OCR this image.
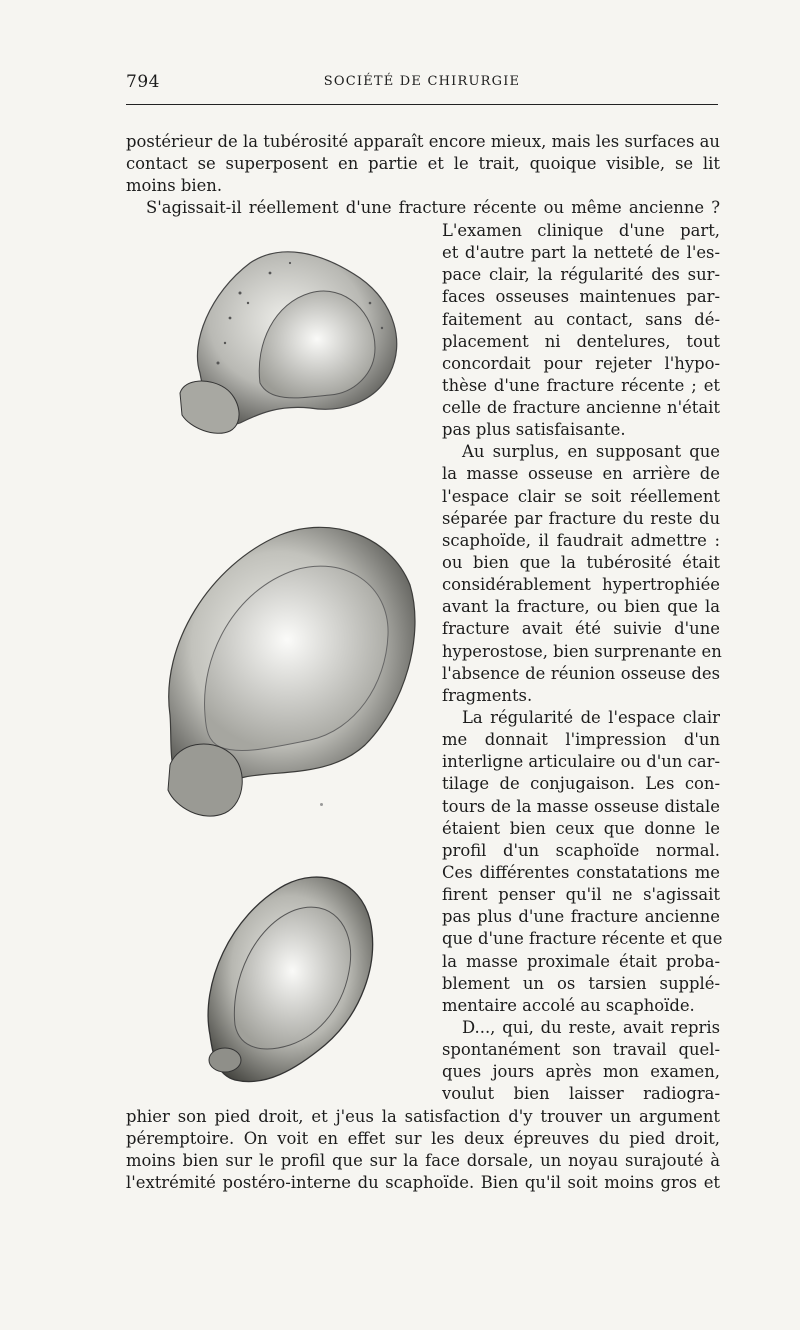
794	SOCIÉTÉ DE CHIRURGIE

postérieur de la tubérosité apparaît encore mieux, mais les surfaces au

contact se superposent en partie et le trait, quoique visible, se lit

moins bien.

S'agissait-il réellement d'une fracture récente ou même ancienne ?

L'examen clinique d'une part,

et d'autre part la netteté de l'es-

pace clair, la régularité des sur-

faces osseuses maintenues par-

faitement au contact, sans dé-

placement ni dentelures, tout

concordait pour rejeter l'hypo-

thèse d'une fracture récente ; et

celle de fracture ancienne n'était

pas plus satisfaisante.

Au surplus, en supposant que

la masse osseuse en arrière de

l'espace clair se soit réellement

séparée par fracture du reste du

scaphoïde, il faudrait admettre :

ou bien que la tubérosité était

considérablement hypertrophiée

avant la fracture, ou bien que la

fracture avait été suivie d'une

hyperostose, bien surprenante en

l'absence de réunion osseuse des

fragments.

La régularité de l'espace clair

me donnait l'impression d'un

interligne articulaire ou d'un car-

tilage de conjugaison. Les con-

tours de la masse osseuse distale

étaient bien ceux que donne le

profil d'un scaphoïde normal.

Ces différentes constatations me

firent penser qu'il ne s'agissait

pas plus d'une fracture ancienne

que d'une fracture récente et que

la masse proximale était proba-

blement un os tarsien supplé-

mentaire accolé au scaphoïde.

D..., qui, du reste, avait repris

spontanément son travail quel-

ques jours après mon examen,

voulut bien laisser radiogra-

phier son pied droit, et j'eus la satisfaction d'y trouver un argument

péremptoire. On voit en effet sur les deux épreuves du pied droit,

moins bien sur le profil que sur la face dorsale, un noyau surajouté à

l'extrémité postéro-interne du scaphoïde. Bien qu'il soit moins gros et
